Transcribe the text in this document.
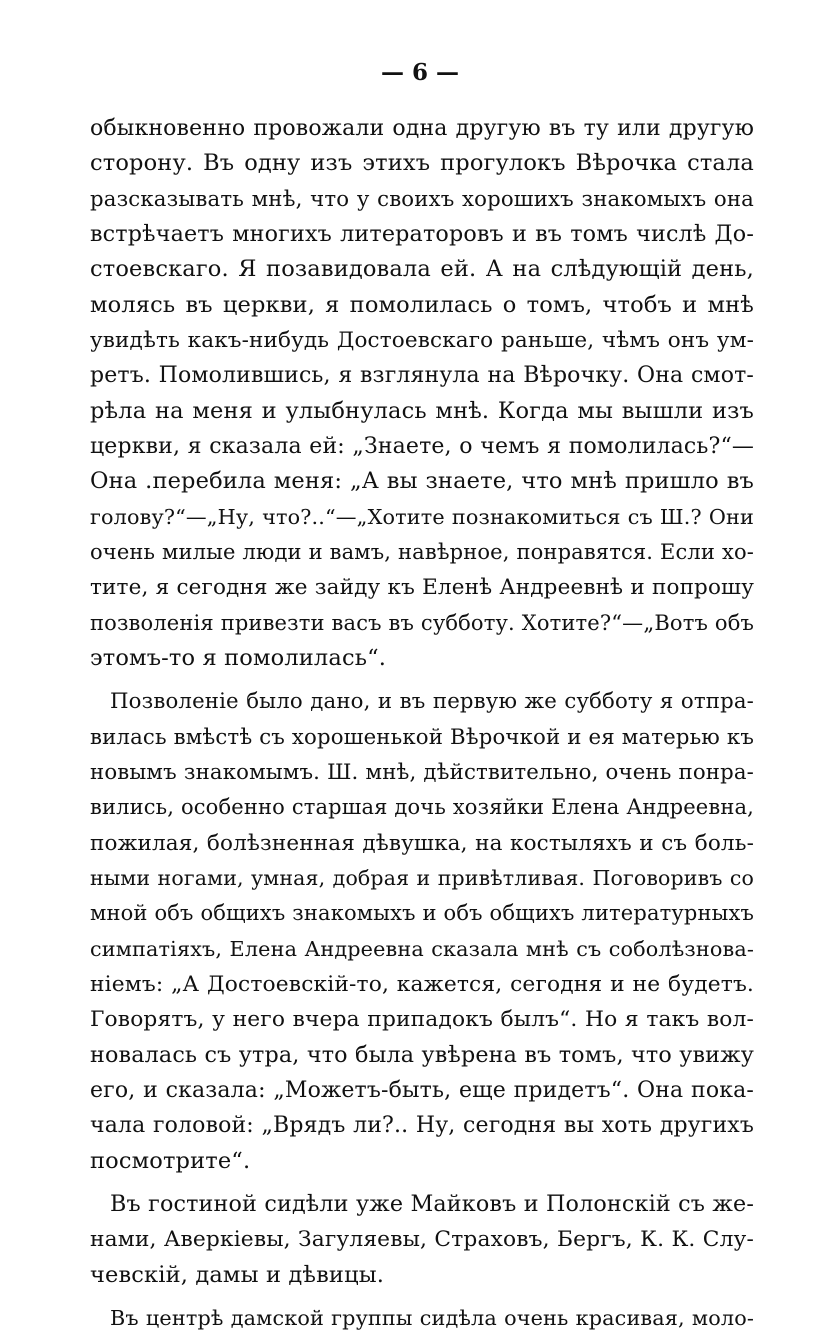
— 6 —
обыкновенно провожали одна другую въ ту или другую
сторону. Въ одну изъ этихъ прогулокъ Вѣрочка стала
разсказывать мнѣ, что у своихъ хорошихъ знакомыхъ она
встрѣчаетъ многихъ литераторовъ и въ томъ числѣ До-
стоевскаго. Я позавидовала ей. А на слѣдующій день,
молясь въ церкви, я помолилась о томъ, чтобъ и мнѣ
увидѣть какъ-нибудь Достоевскаго раньше, чѣмъ онъ ум-
ретъ. Помолившись, я взглянула на Вѣрочку. Она смот-
рѣла на меня и улыбнулась мнѣ. Когда мы вышли изъ
церкви, я сказала ей: „Знаете, о чемъ я помолилась?“—
Она .перебила меня: „А вы знаете, что мнѣ пришло въ
голову?“—„Ну, что?..“—„Хотите познакомиться съ Ш.? Они
очень милые люди и вамъ, навѣрное, понравятся. Если хо-
тите, я сегодня же зайду къ Еленѣ Андреевнѣ и попрошу
позволенія привезти васъ въ субботу. Хотите?“—„Вотъ объ
этомъ-то я помолилась“.
Позволеніе было дано, и въ первую же субботу я отпра-
вилась вмѣстѣ съ хорошенькой Вѣрочкой и ея матерью къ
новымъ знакомымъ. Ш. мнѣ, дѣйствительно, очень понра-
вились, особенно старшая дочь хозяйки Елена Андреевна,
пожилая, болѣзненная дѣвушка, на костыляхъ и съ боль-
ными ногами, умная, добрая и привѣтливая. Поговоривъ со
мной объ общихъ знакомыхъ и объ общихъ литературныхъ
симпатіяхъ, Елена Андреевна сказала мнѣ съ соболѣзнова-
ніемъ: „А Достоевскій-то, кажется, сегодня и не будетъ.
Говорятъ, у него вчера припадокъ былъ“. Но я такъ вол-
новалась съ утра, что была увѣрена въ томъ, что увижу
его, и сказала: „Можетъ-быть, еще придетъ“. Она пока-
чала головой: „Врядъ ли?.. Ну, сегодня вы хоть другихъ
посмотрите“.
Въ гостиной сидѣли уже Майковъ и Полонскій съ же-
нами, Аверкіевы, Загуляевы, Страховъ, Бергъ, К. К. Слу-
чевскій, дамы и дѣвицы.
Въ центрѣ дамской группы сидѣла очень красивая, моло-
